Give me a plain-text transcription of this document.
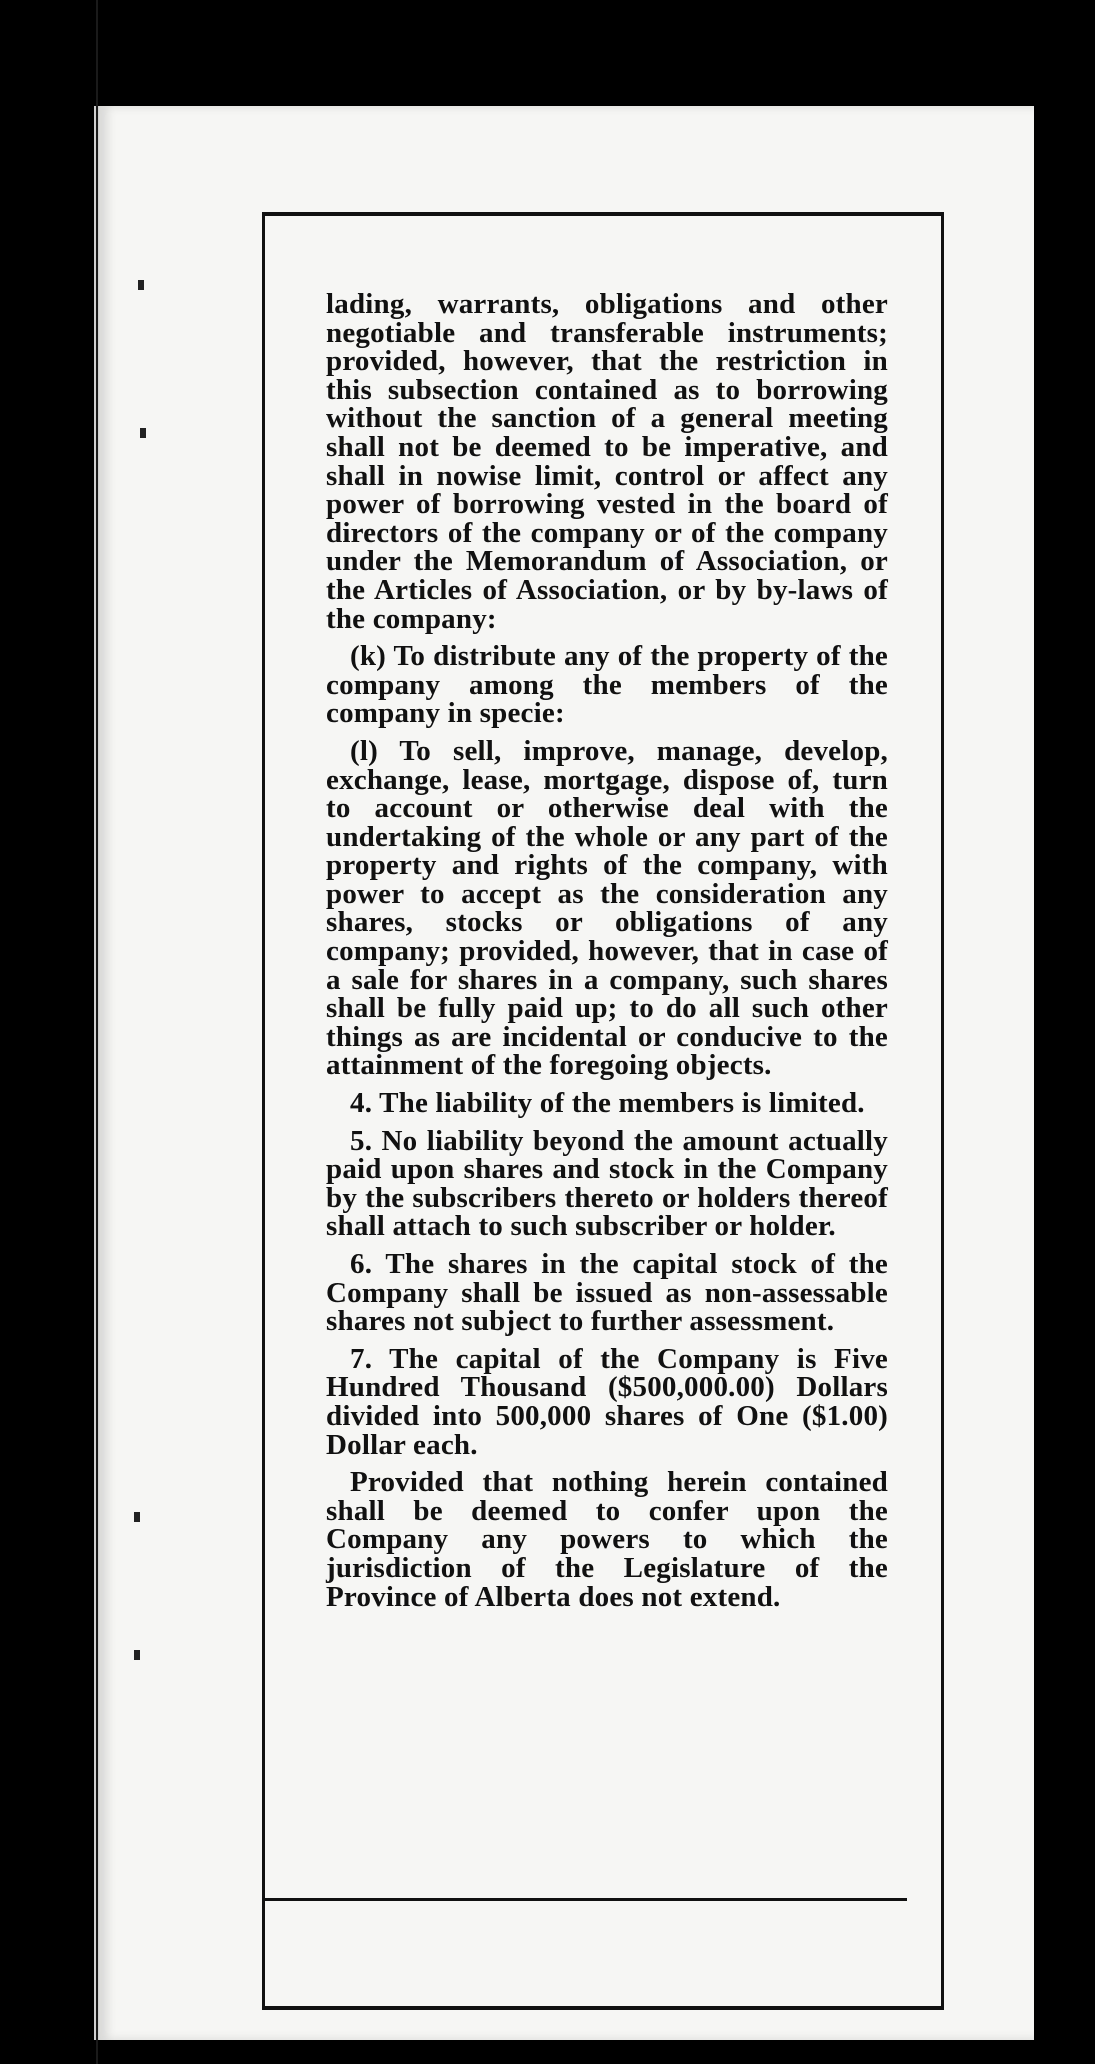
lading, warrants, obligations and other negotiable and transferable instruments; provided, however, that the restriction in this subsection contained as to borrowing without the sanction of a general meeting shall not be deemed to be imperative, and shall in nowise limit, control or affect any power of borrowing vested in the board of directors of the company or of the company under the Memorandum of Association, or the Articles of Association, or by by-laws of the company:

(k) To distribute any of the property of the company among the members of the company in specie:

(l) To sell, improve, manage, develop, exchange, lease, mortgage, dispose of, turn to account or otherwise deal with the undertaking of the whole or any part of the property and rights of the company, with power to accept as the consideration any shares, stocks or obligations of any company; provided, however, that in case of a sale for shares in a company, such shares shall be fully paid up; to do all such other things as are incidental or conducive to the attainment of the foregoing objects.

4. The liability of the members is limited.

5. No liability beyond the amount actually paid upon shares and stock in the Company by the subscribers thereto or holders thereof shall attach to such subscriber or holder.

6. The shares in the capital stock of the Company shall be issued as non-assessable shares not subject to further assessment.

7. The capital of the Company is Five Hundred Thousand ($500,000.00) Dollars divided into 500,000 shares of One ($1.00) Dollar each.

Provided that nothing herein contained shall be deemed to confer upon the Company any powers to which the jurisdiction of the Legislature of the Province of Alberta does not extend.
